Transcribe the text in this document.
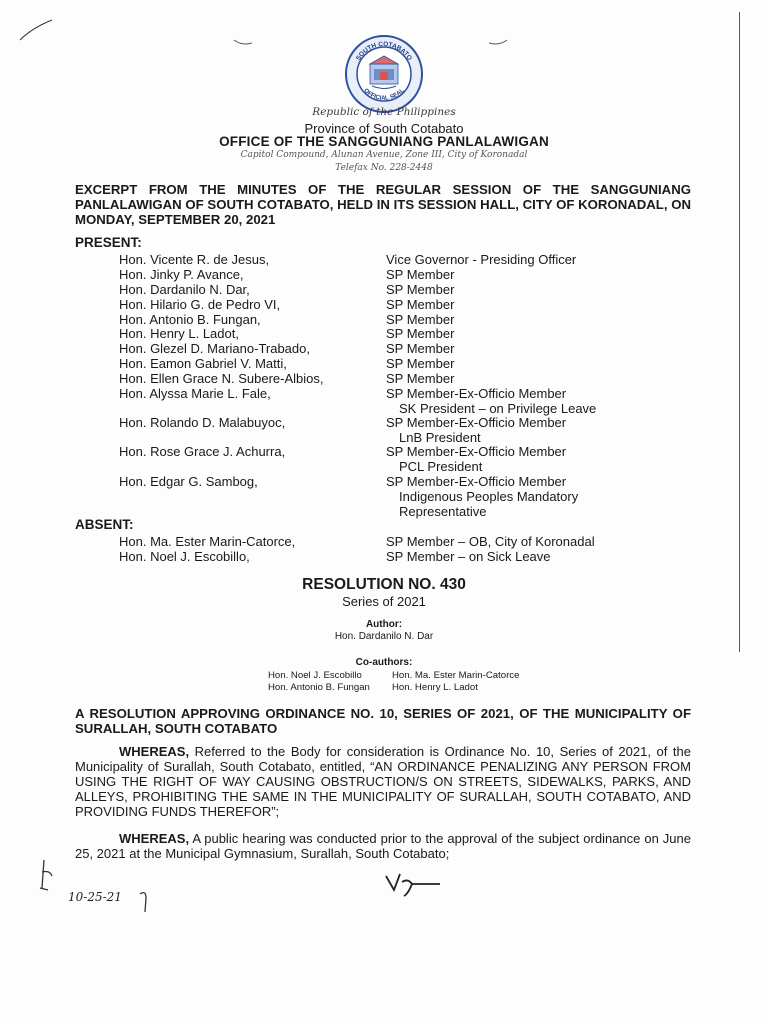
SOUTH COTABATO
OFFICIAL SEAL
Republic of the Philippines
Province of South Cotabato
OFFICE OF THE SANGGUNIANG PANLALAWIGAN
Capitol Compound, Alunan Avenue, Zone III, City of Koronadal
Telefax No. 228-2448
EXCERPT FROM THE MINUTES OF THE REGULAR SESSION OF THE SANGGUNIANG PANLALAWIGAN OF SOUTH COTABATO, HELD IN ITS SESSION HALL, CITY OF KORONADAL, ON MONDAY, SEPTEMBER 20, 2021
PRESENT:
Hon. Vicente R. de Jesus,	Vice Governor - Presiding Officer
Hon. Jinky P. Avance,	SP Member
Hon. Dardanilo N. Dar,	SP Member
Hon. Hilario G. de Pedro VI,	SP Member
Hon. Antonio B. Fungan,	SP Member
Hon. Henry L. Ladot,	SP Member
Hon. Glezel D. Mariano-Trabado,	SP Member
Hon. Eamon Gabriel V. Matti,	SP Member
Hon. Ellen Grace N. Subere-Albios,	SP Member
Hon. Alyssa Marie L. Fale,	SP Member-Ex-Officio Member
SK President – on Privilege Leave
Hon. Rolando D. Malabuyoc,	SP Member-Ex-Officio Member
LnB President
Hon. Rose Grace J. Achurra,	SP Member-Ex-Officio Member
PCL President
Hon. Edgar G. Sambog,	SP Member-Ex-Officio Member
Indigenous Peoples Mandatory
Representative
ABSENT:
Hon. Ma. Ester Marin-Catorce,	SP Member – OB, City of Koronadal
Hon. Noel J. Escobillo,	SP Member – on Sick Leave
RESOLUTION NO. 430
Series of 2021
Author:
Hon. Dardanilo N. Dar
Co-authors:
Hon. Noel J. Escobillo	Hon. Ma. Ester Marin-Catorce
Hon. Antonio B. Fungan Hon. Henry L. Ladot
A RESOLUTION APPROVING ORDINANCE NO. 10, SERIES OF 2021, OF THE MUNICIPALITY OF SURALLAH, SOUTH COTABATO
WHEREAS, Referred to the Body for consideration is Ordinance No. 10, Series of 2021, of the Municipality of Surallah, South Cotabato, entitled, “AN ORDINANCE PENALIZING ANY PERSON FROM USING THE RIGHT OF WAY CAUSING OBSTRUCTION/S ON STREETS, SIDEWALKS, PARKS, AND ALLEYS, PROHIBITING THE SAME IN THE MUNICIPALITY OF SURALLAH, SOUTH COTABATO, AND PROVIDING FUNDS THEREFOR”;
WHEREAS, A public hearing was conducted prior to the approval of the subject ordinance on June 25, 2021 at the Municipal Gymnasium, Surallah, South Cotabato;
10-25-21
